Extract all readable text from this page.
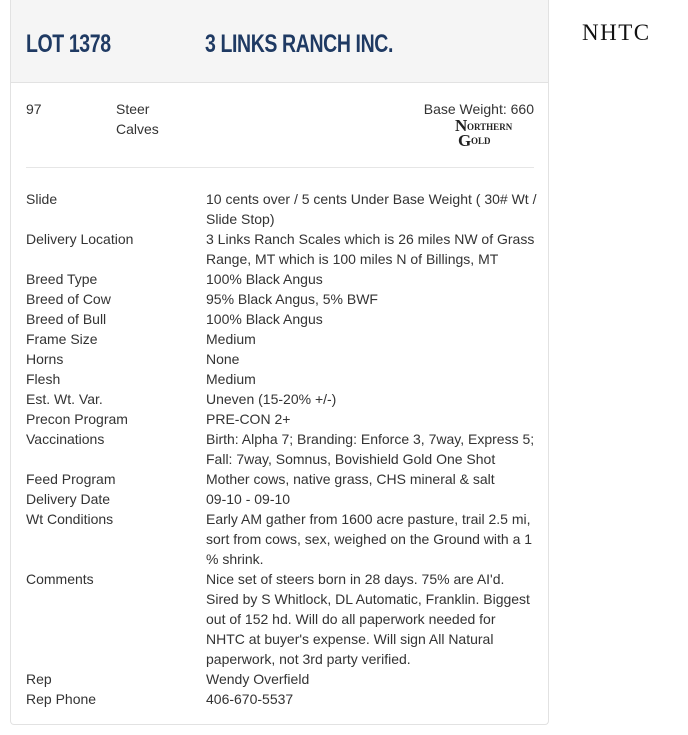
LOT 1378	3 LINKS RANCH INC.
97	Steer
Calves
Base Weight: 660
N ORTHERN
G OLD
Slide	10 cents over / 5 cents Under Base Weight ( 30# Wt / Slide Stop)
Delivery Location	3 Links Ranch Scales which is 26 miles NW of Grass Range, MT which is 100 miles N of Billings, MT
Breed Type	100% Black Angus
Breed of Cow	95% Black Angus, 5% BWF
Breed of Bull	100% Black Angus
Frame Size	Medium
Horns	None
Flesh	Medium
Est. Wt. Var.	Uneven (15-20% +/-)
Precon Program	PRE-CON 2+
Vaccinations	Birth: Alpha 7; Branding: Enforce 3, 7way, Express 5; Fall: 7way, Somnus, Bovishield Gold One Shot
Feed Program	Mother cows, native grass, CHS mineral & salt
Delivery Date	09-10 - 09-10
Wt Conditions	Early AM gather from 1600 acre pasture, trail 2.5 mi, sort from cows, sex, weighed on the Ground with a 1 % shrink.
Comments	Nice set of steers born in 28 days. 75% are AI'd. Sired by S Whitlock, DL Automatic, Franklin. Biggest out of 152 hd. Will do all paperwork needed for NHTC at buyer's expense. Will sign All Natural paperwork, not 3rd party verified.
Rep	Wendy Overfield
Rep Phone	406-670-5537
NHTC
